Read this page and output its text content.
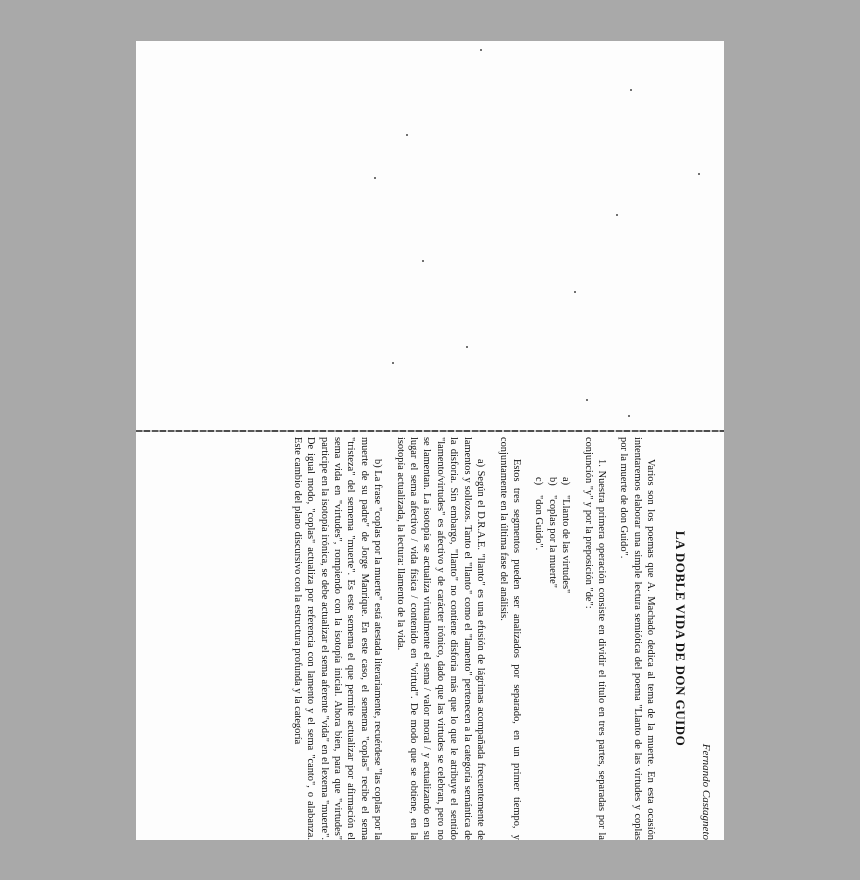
Fernando Castagneto
LA DOBLE VIDA DE DON GUIDO

Varios son los poemas que A. Machado dedica al tema de la muerte. En esta ocasión intentaremos elaborar una simple lectura semiótica del poema "Llanto de las virtudes y coplas por la muerte de don Guido".

1. Nuestra primera operación consiste en dividir el título en tres partes, separadas por la conjunción "y" y por la preposición "de":

a)"Llanto de las virtudes"
b)"coplas por la muerte"
c)"don Guido".

Estos tres segmentos pueden ser analizados por separado, en un primer tiempo, y conjuntamente en la última fase del análisis.

a) Según el D.R.A.E. "llanto" es una efusión de lágrimas acompañada frecuentemente de lamentos y sollozos. Tanto el "llanto" como el "lamento" pertenecen a la categoría semántica de la disforia. Sin embargo, "llanto" no contiene disforia más que lo que le atribuye el sentido "lamento/virtudes" es afectivo y de carácter irónico, dado que las virtudes se celebran, pero no se lamentan. La isotopía se actualiza virtualmente el sema / valor moral / y actualizando en su lugar el sema afectivo / vida física / contenido en "virtud". De modo que se obtiene, en la isotopía actualizada, la lectura: llamento de la vida.

b) La frase "coplas por la muerte" está atestada literariamente, recuérdese "las coplas por la muerte de su padre" de Jorge Manrique. En este caso, el semema "coplas" recibe el sema "tristeza" del semema "muerte". Es este semema el que permite actualizar por afirmación el sema vida en "virtudes", rompiendo con la isotopía inicial. Ahora bien, para que "virtudes" participe en la isotopía irónica, se debe actualizar el sema aferente "vida" en el lexema "muerte". De igual modo, "coplas" actualiza por referencia con lamento y el sema "canto", o alabanza. Este cambio del plano discursivo con la estructura profunda y la categoría
